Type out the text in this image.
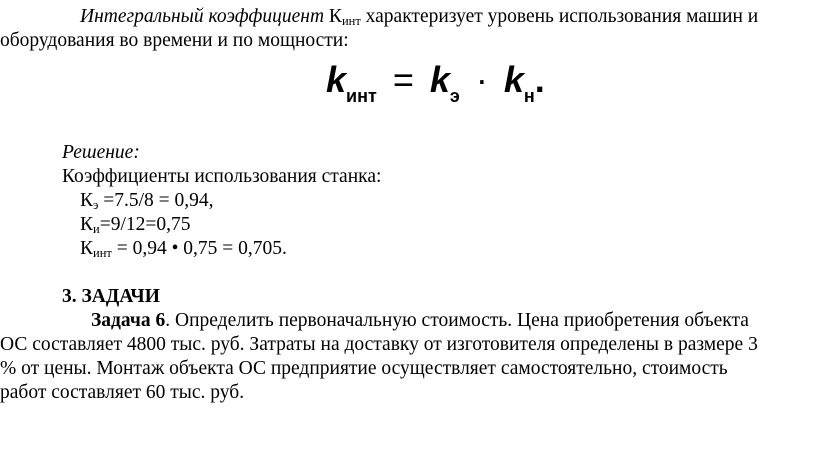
Интегральный коэффициент $К_{инт}$ характеризует уровень использования машин и
оборудования во времени и по мощности:
$k_{инт} = k_э \cdot k_н$.
Решение:
Коэффициенты использования станка:
$К_э =7.5/8 = 0,94$,
$К_и=9/12=0,75$
$К_{инт} = 0,94$ • 0,75 = 0,705.
3. ЗАДАЧИ
Задача 6. Определить первоначальную стоимость. Цена приобретения объекта
ОС составляет 4800 тыс. руб. Затраты на доставку от изготовителя определены в размере 3
% от цены. Монтаж объекта ОС предприятие осуществляет самостоятельно, стоимость
работ составляет 60 тыс. руб.
